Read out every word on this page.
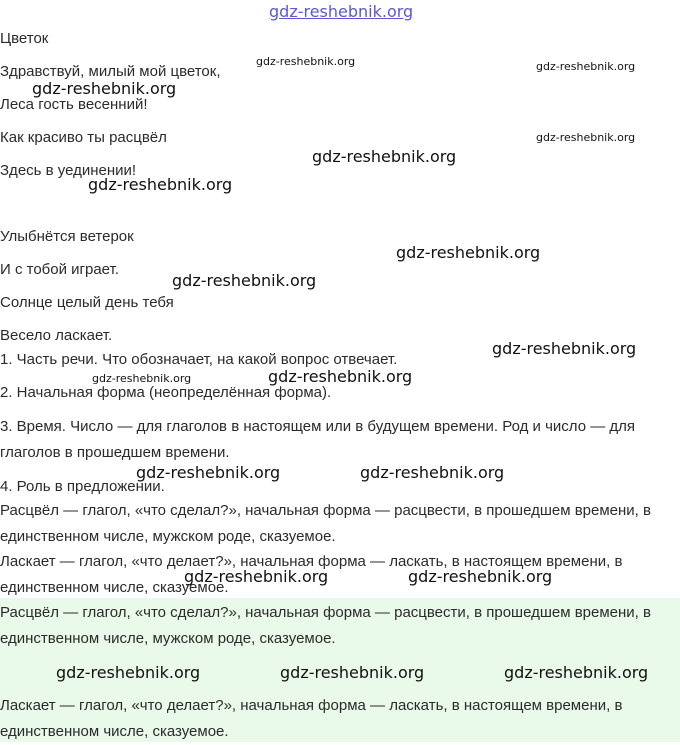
Цветок

Здравствуй, милый мой цветок,

Леса гость весенний!

Как красиво ты расцвёл

Здесь в уединении!

Улыбнётся ветерок

И с тобой играет.

Солнце целый день тебя

Весело ласкает.

1. Часть речи. Что обозначает, на какой вопрос отвечает.

2. Начальная форма (неопределённая форма).

3. Время. Число — для глаголов в настоящем или в будущем времени. Род и число — для глаголов в прошедшем времени.

4. Роль в предложении.

Расцвёл — глагол, «что сделал?», начальная форма — расцвести, в прошедшем времени, в единственном числе, мужском роде, сказуемое.

Ласкает — глагол, «что делает?», начальная форма — ласкать, в настоящем времени, в единственном числе, сказуемое.

Расцвёл — глагол, «что сделал?», начальная форма — расцвести, в прошедшем времени, в единственном числе, мужском роде, сказуемое.

Ласкает — глагол, «что делает?», начальная форма — ласкать, в настоящем времени, в единственном числе, сказуемое.

gdz-reshebnik.org
gdz-reshebnik.org	gdz-reshebnik.org
gdz-reshebnik.org
gdz-reshebnik.org
gdz-reshebnik.org
gdz-reshebnik.org
gdz-reshebnik.org
gdz-reshebnik.org
gdz-reshebnik.org
gdz-reshebnik.org	gdz-reshebnik.org
gdz-reshebnik.org	gdz-reshebnik.org
gdz-reshebnik.org	gdz-reshebnik.org
gdz-reshebnik.org	gdz-reshebnik.org	gdz-reshebnik.org
